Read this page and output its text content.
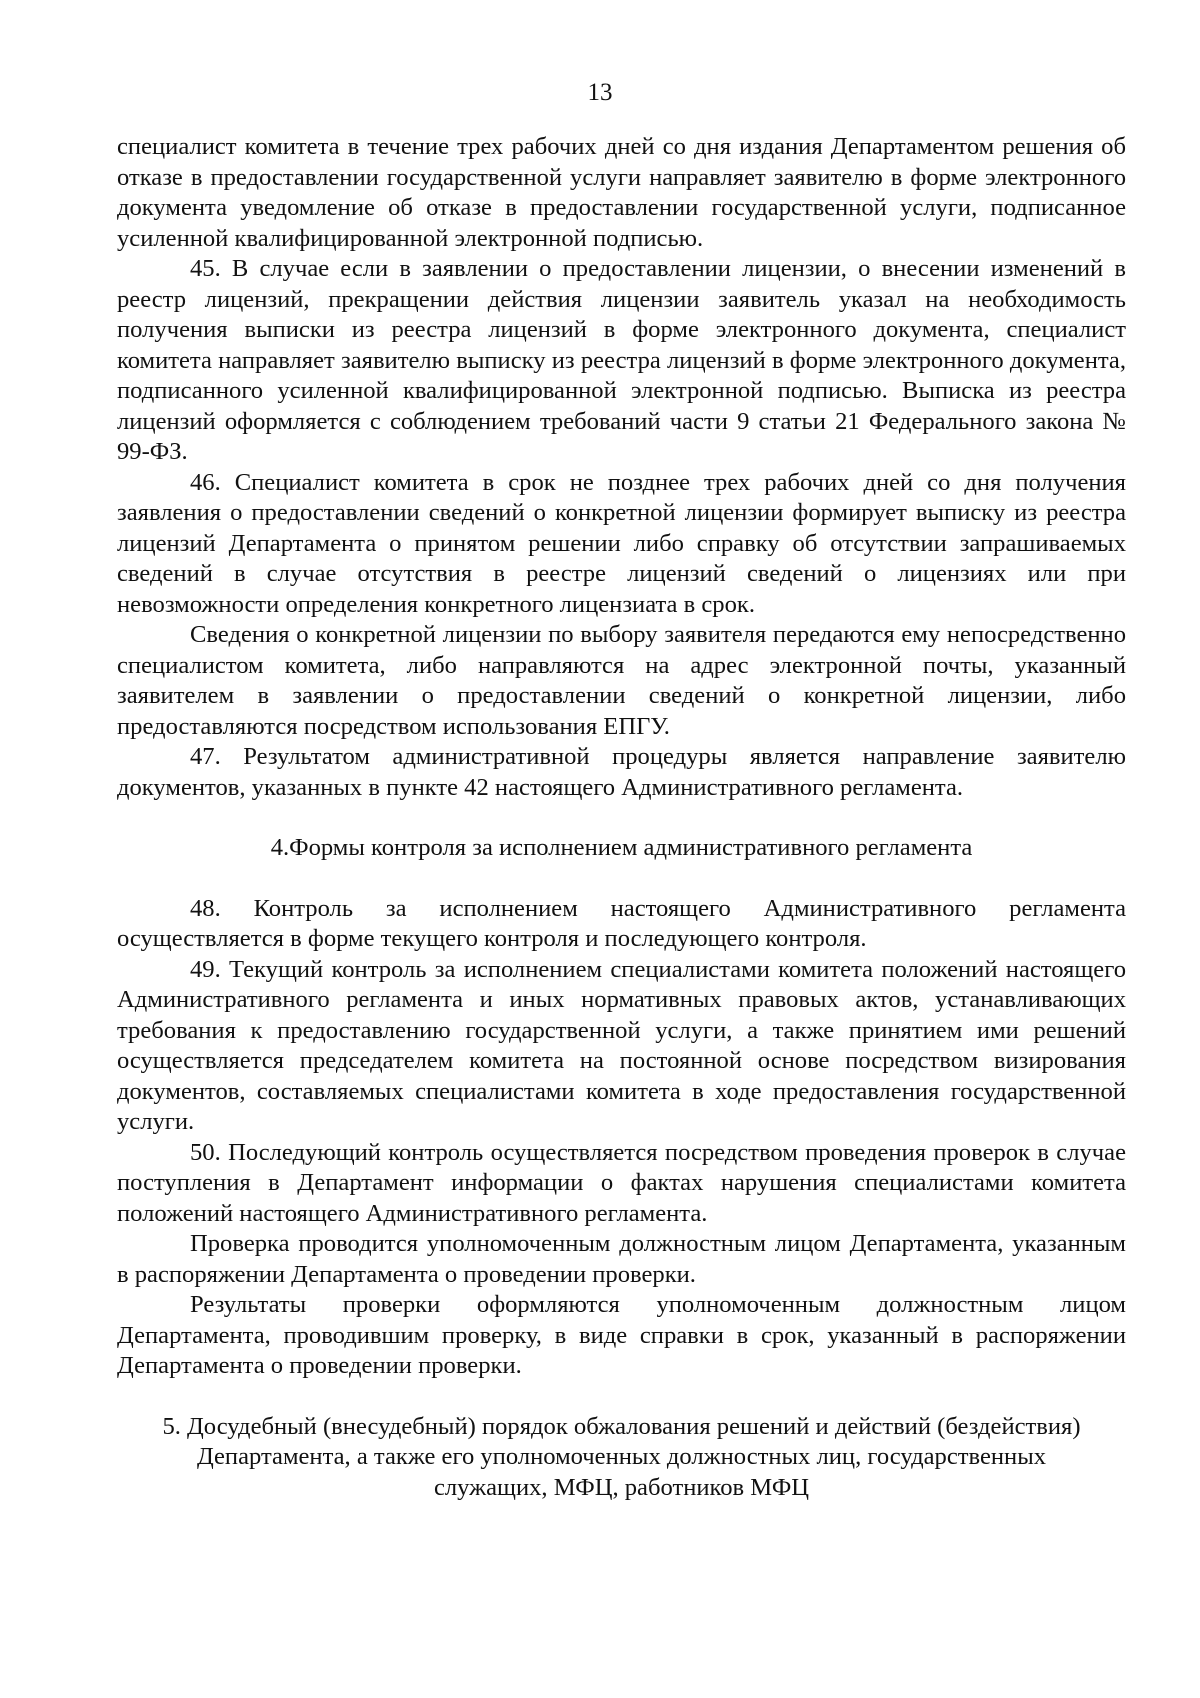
13

специалист комитета в течение трех рабочих дней со дня издания Департаментом решения об отказе в предоставлении государственной услуги направляет заявителю в форме электронного документа уведомление об отказе в предоставлении государственной услуги, подписанное усиленной квалифицированной электронной подписью.

45. В случае если в заявлении о предоставлении лицензии, о внесении изменений в реестр лицензий, прекращении действия лицензии заявитель указал на необходимость получения выписки из реестра лицензий в форме электронного документа, специалист комитета направляет заявителю выписку из реестра лицензий в форме электронного документа, подписанного усиленной квалифицированной электронной подписью. Выписка из реестра лицензий оформляется с соблюдением требований части 9 статьи 21 Федерального закона № 99-ФЗ.

46. Специалист комитета в срок не позднее трех рабочих дней со дня получения заявления о предоставлении сведений о конкретной лицензии формирует выписку из реестра лицензий Департамента о принятом решении либо справку об отсутствии запрашиваемых сведений в случае отсутствия в реестре лицензий сведений о лицензиях или при невозможности определения конкретного лицензиата в срок.

Сведения о конкретной лицензии по выбору заявителя передаются ему непосредственно специалистом комитета, либо направляются на адрес электронной почты, указанный заявителем в заявлении о предоставлении сведений о конкретной лицензии, либо предоставляются посредством использования ЕПГУ.

47. Результатом административной процедуры является направление заявителю документов, указанных в пункте 42 настоящего Административного регламента.

4.Формы контроля за исполнением административного регламента

48. Контроль за исполнением настоящего Административного регламента осуществляется в форме текущего контроля и последующего контроля.

49. Текущий контроль за исполнением специалистами комитета положений настоящего Административного регламента и иных нормативных правовых актов, устанавливающих требования к предоставлению государственной услуги, а также принятием ими решений осуществляется председателем комитета на постоянной основе посредством визирования документов, составляемых специалистами комитета в ходе предоставления государственной услуги.

50. Последующий контроль осуществляется посредством проведения проверок в случае поступления в Департамент информации о фактах нарушения специалистами комитета положений настоящего Административного регламента.

Проверка проводится уполномоченным должностным лицом Департамента, указанным в распоряжении Департамента о проведении проверки.

Результаты проверки оформляются уполномоченным должностным лицом Департамента, проводившим проверку, в виде справки в срок, указанный в распоряжении Департамента о проведении проверки.

5. Досудебный (внесудебный) порядок обжалования решений и действий (бездействия)
Департамента, а также его уполномоченных должностных лиц, государственных
служащих, МФЦ, работников МФЦ
